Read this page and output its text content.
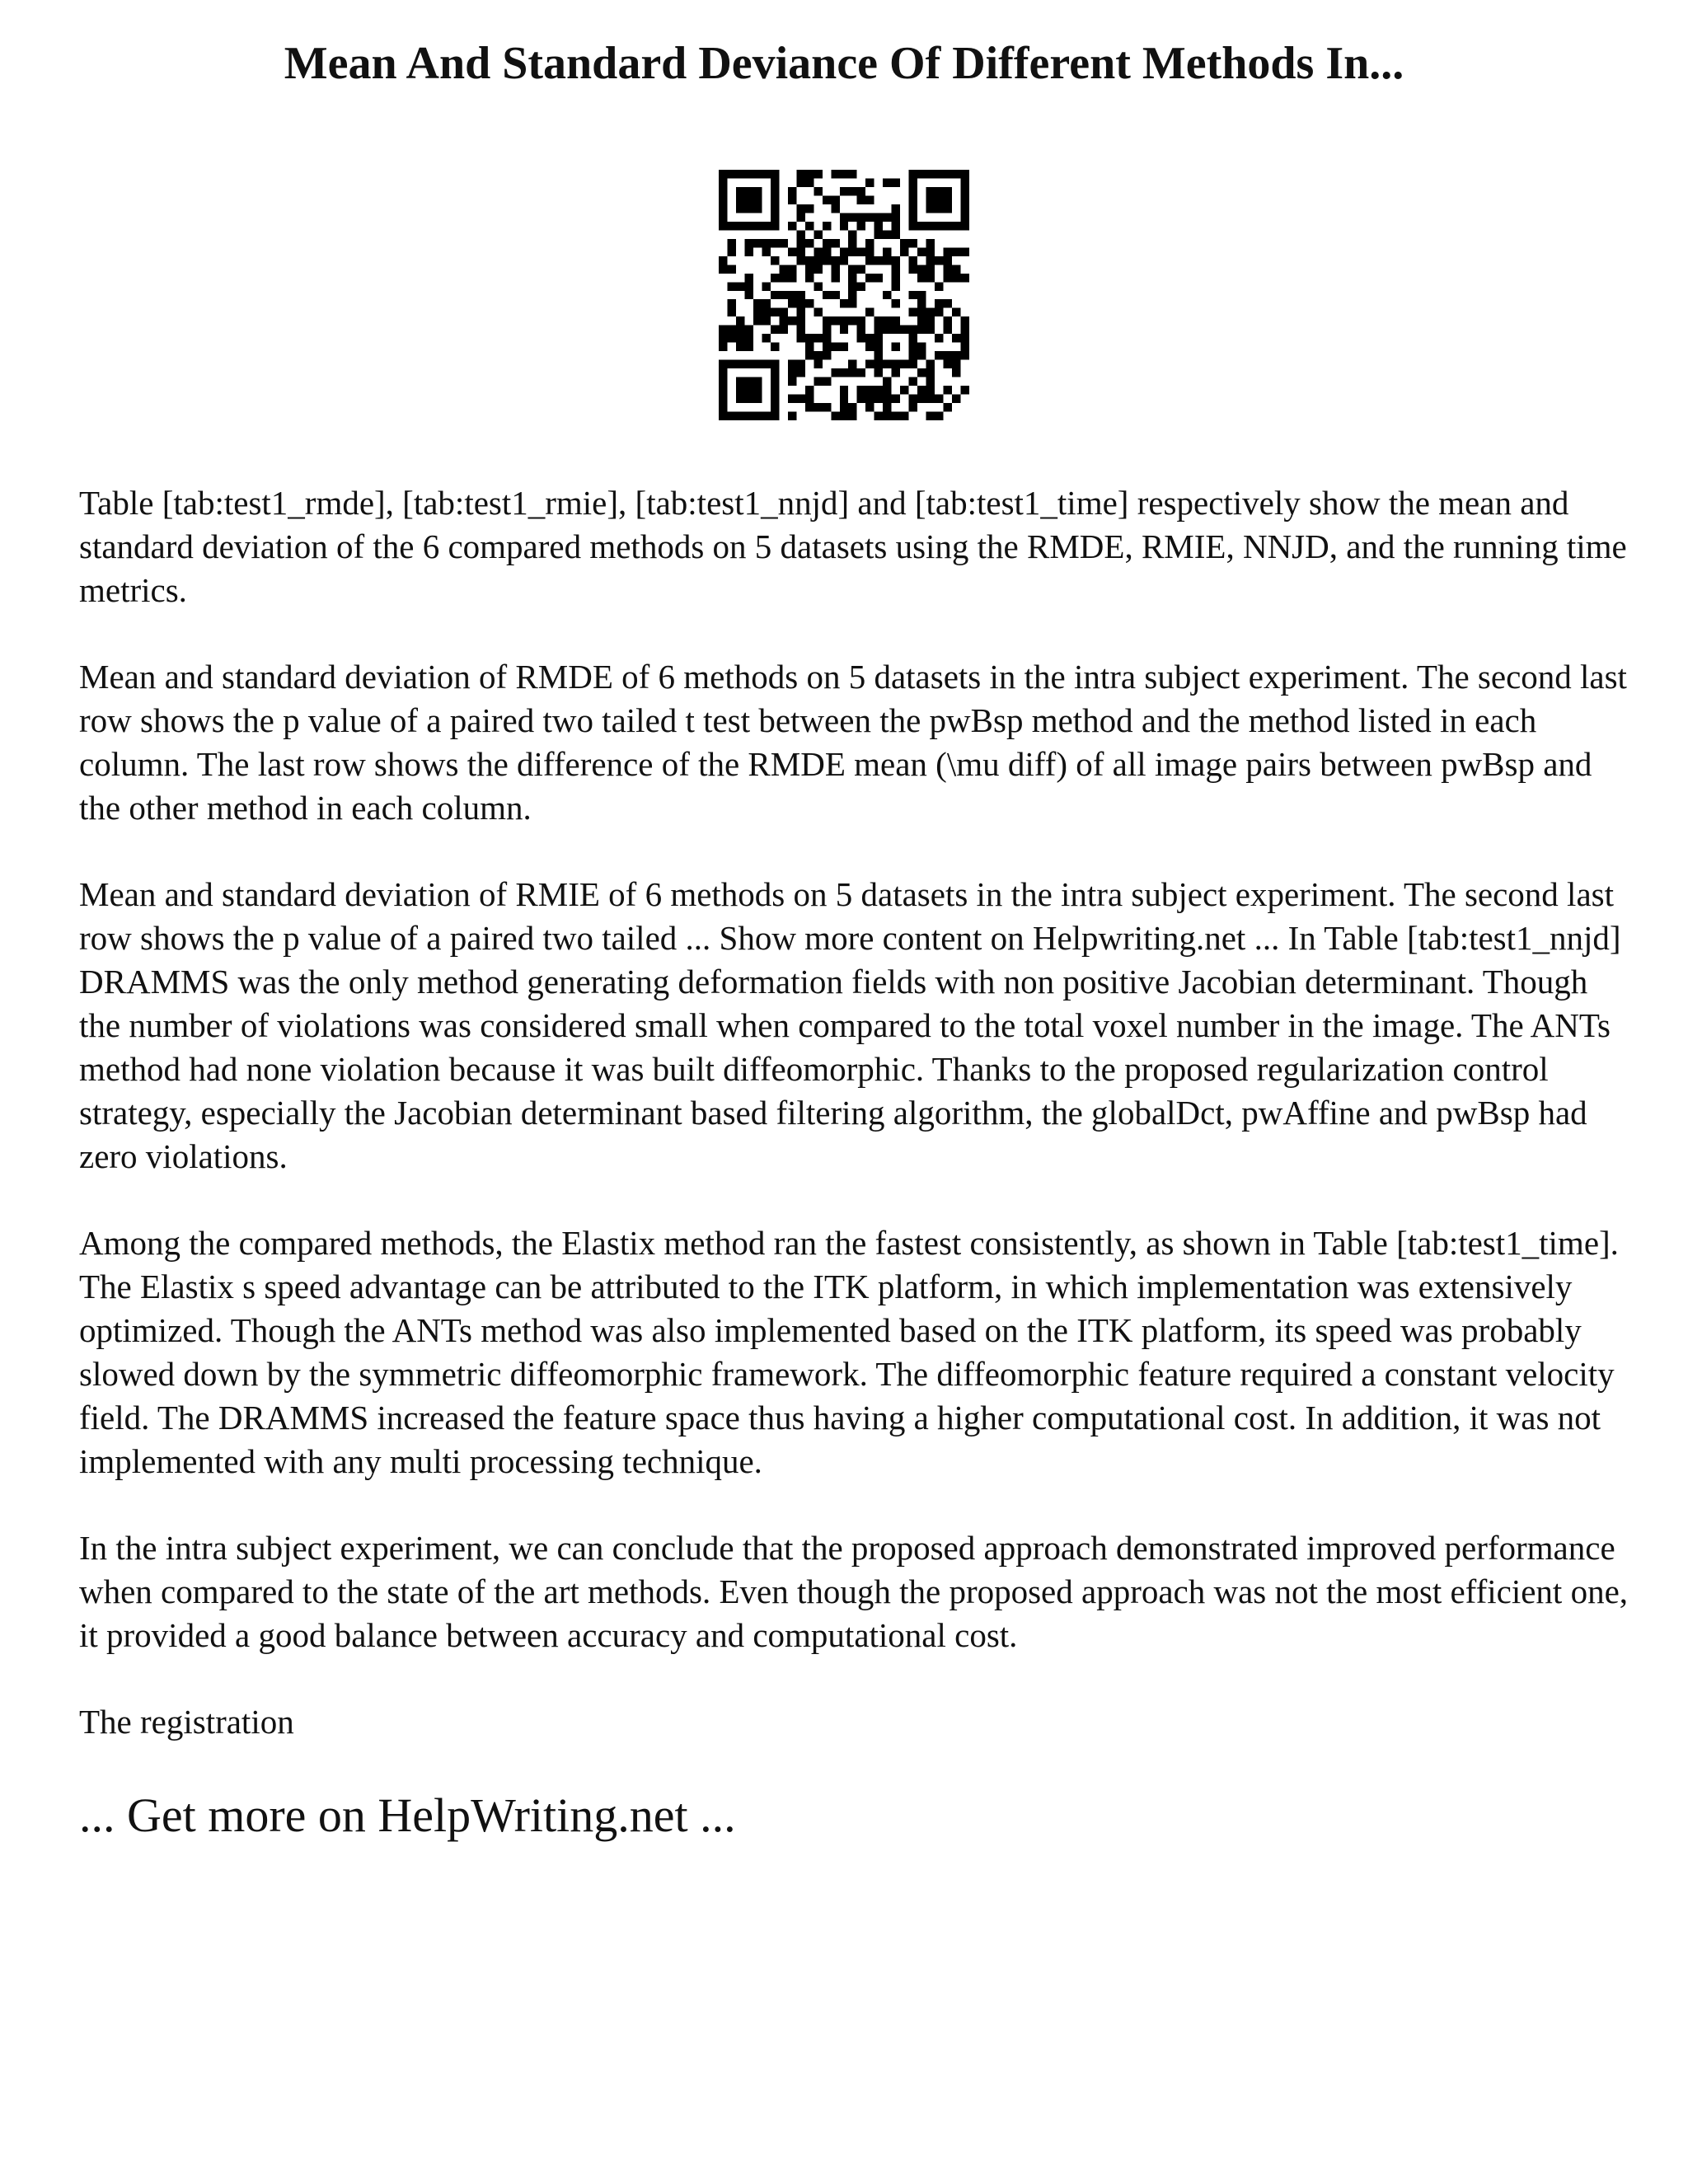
Mean And Standard Deviance Of Different Methods In...

Table [tab:test1_rmde], [tab:test1_rmie], [tab:test1_nnjd] and [tab:test1_time] respectively show the mean and standard deviation of the 6 compared methods on 5 datasets using the RMDE, RMIE, NNJD, and the running time metrics.

Mean and standard deviation of RMDE of 6 methods on 5 datasets in the intra subject experiment. The second last row shows the p value of a paired two tailed t test between the pwBsp method and the method listed in each column. The last row shows the difference of the RMDE mean (\mu diff) of all image pairs between pwBsp and the other method in each column.

Mean and standard deviation of RMIE of 6 methods on 5 datasets in the intra subject experiment. The second last row shows the p value of a paired two tailed ... Show more content on Helpwriting.net ... In Table [tab:test1_nnjd] DRAMMS was the only method generating deformation fields with non positive Jacobian determinant. Though the number of violations was considered small when compared to the total voxel number in the image. The ANTs method had none violation because it was built diffeomorphic. Thanks to the proposed regularization control strategy, especially the Jacobian determinant based filtering algorithm, the globalDct, pwAffine and pwBsp had zero violations.

Among the compared methods, the Elastix method ran the fastest consistently, as shown in Table [tab:test1_time]. The Elastix s speed advantage can be attributed to the ITK platform, in which implementation was extensively optimized. Though the ANTs method was also implemented based on the ITK platform, its speed was probably slowed down by the symmetric diffeomorphic framework. The diffeomorphic feature required a constant velocity field. The DRAMMS increased the feature space thus having a higher computational cost. In addition, it was not implemented with any multi processing technique.

In the intra subject experiment, we can conclude that the proposed approach demonstrated improved performance when compared to the state of the art methods. Even though the proposed approach was not the most efficient one, it provided a good balance between accuracy and computational cost.

The registration

... Get more on HelpWriting.net ...
